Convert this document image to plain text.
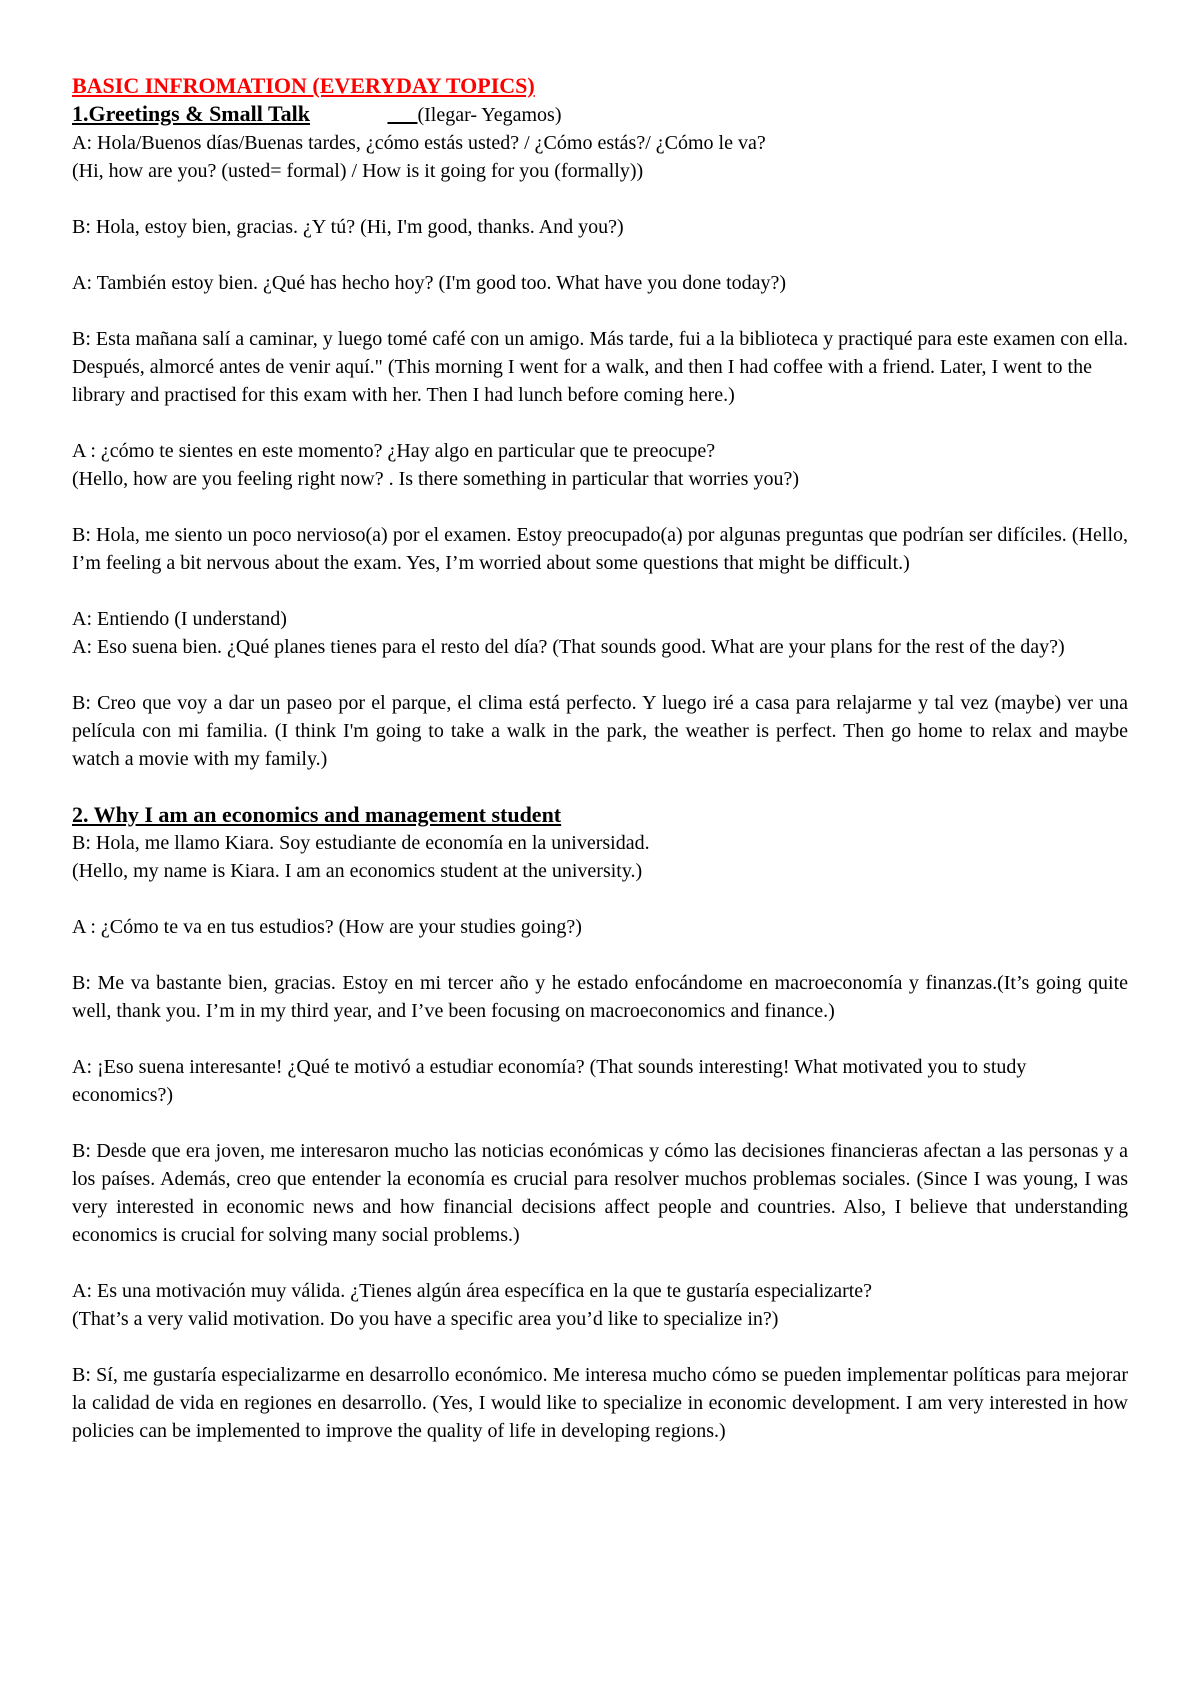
BASIC INFROMATION (EVERYDAY TOPICS)
1.Greetings & Small Talk	(Ilegar- Yegamos)
A: Hola/Buenos días/Buenas tardes, ¿cómo estás usted? / ¿Cómo estás?/ ¿Cómo le va?
(Hi, how are you? (usted= formal) / How is it going for you (formally))
B: Hola, estoy bien, gracias. ¿Y tú? (Hi, I'm good, thanks. And you?)
A: También estoy bien. ¿Qué has hecho hoy? (I'm good too. What have you done today?)
B: Esta mañana salí a caminar, y luego tomé café con un amigo. Más tarde, fui a la biblioteca y practiqué para este examen con ella. Después, almorcé antes de venir aquí." (This morning I went for a walk, and then I had coffee with a friend. Later, I went to the library and practised for this exam with her. Then I had lunch before coming here.)
A : ¿cómo te sientes en este momento? ¿Hay algo en particular que te preocupe?
(Hello, how are you feeling right now? . Is there something in particular that worries you?)
B: Hola, me siento un poco nervioso(a) por el examen. Estoy preocupado(a) por algunas preguntas que podrían ser difíciles. (Hello, I’m feeling a bit nervous about the exam. Yes, I’m worried about some questions that might be difficult.)
A: Entiendo (I understand)
A: Eso suena bien. ¿Qué planes tienes para el resto del día? (That sounds good. What are your plans for the rest of the day?)
B: Creo que voy a dar un paseo por el parque, el clima está perfecto. Y luego iré a casa para relajarme y tal vez (maybe) ver una película con mi familia. (I think I'm going to take a walk in the park, the weather is perfect. Then go home to relax and maybe watch a movie with my family.)
2. Why I am an economics and management student
B: Hola, me llamo Kiara. Soy estudiante de economía en la universidad.
(Hello, my name is Kiara. I am an economics student at the university.)
A : ¿Cómo te va en tus estudios? (How are your studies going?)
B: Me va bastante bien, gracias. Estoy en mi tercer año y he estado enfocándome en macroeconomía y finanzas.(It’s going quite well, thank you. I’m in my third year, and I’ve been focusing on macroeconomics and finance.)
A: ¡Eso suena interesante! ¿Qué te motivó a estudiar economía? (That sounds interesting! What motivated you to study economics?)
B: Desde que era joven, me interesaron mucho las noticias económicas y cómo las decisiones financieras afectan a las personas y a los países. Además, creo que entender la economía es crucial para resolver muchos problemas sociales. (Since I was young, I was very interested in economic news and how financial decisions affect people and countries. Also, I believe that understanding economics is crucial for solving many social problems.)
A: Es una motivación muy válida. ¿Tienes algún área específica en la que te gustaría especializarte?
(That’s a very valid motivation. Do you have a specific area you’d like to specialize in?)
B: Sí, me gustaría especializarme en desarrollo económico. Me interesa mucho cómo se pueden implementar políticas para mejorar la calidad de vida en regiones en desarrollo. (Yes, I would like to specialize in economic development. I am very interested in how policies can be implemented to improve the quality of life in developing regions.)
